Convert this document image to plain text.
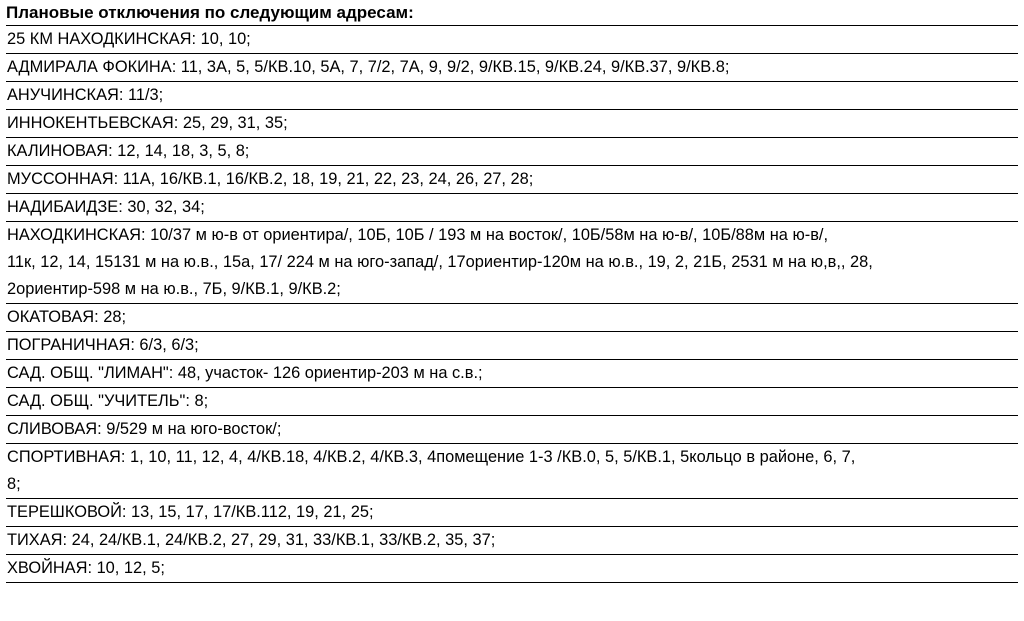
Плановые отключения по следующим адресам:
25 КМ НАХОДКИНСКАЯ: 10, 10;
АДМИРАЛА ФОКИНА: 11, 3А, 5, 5/КВ.10, 5А, 7, 7/2, 7А, 9, 9/2, 9/КВ.15, 9/КВ.24, 9/КВ.37, 9/КВ.8;
АНУЧИНСКАЯ: 11/3;
ИННОКЕНТЬЕВСКАЯ: 25, 29, 31, 35;
КАЛИНОВАЯ: 12, 14, 18, 3, 5, 8;
МУССОННАЯ: 11А, 16/КВ.1, 16/КВ.2, 18, 19, 21, 22, 23, 24, 26, 27, 28;
НАДИБАИДЗЕ: 30, 32, 34;
НАХОДКИНСКАЯ: 10/37 м ю-в от ориентира/, 10Б, 10Б / 193 м на восток/, 10Б/58м на ю-в/, 10Б/88м на ю-в/,
11к, 12, 14, 15131 м на ю.в., 15а, 17/ 224 м на юго-запад/, 17ориентир-120м на ю.в., 19, 2, 21Б, 2531 м на ю,в,, 28,
2ориентир-598 м на ю.в., 7Б, 9/КВ.1, 9/КВ.2;
ОКАТОВАЯ: 28;
ПОГРАНИЧНАЯ: 6/3, 6/3;
САД. ОБЩ. "ЛИМАН": 48, участок- 126 ориентир-203 м на с.в.;
САД. ОБЩ. "УЧИТЕЛЬ": 8;
СЛИВОВАЯ: 9/529 м на юго-восток/;
СПОРТИВНАЯ: 1, 10, 11, 12, 4, 4/КВ.18, 4/КВ.2, 4/КВ.3, 4помещение 1-3 /КВ.0, 5, 5/КВ.1, 5кольцо в районе, 6, 7,
8;
ТЕРЕШКОВОЙ: 13, 15, 17, 17/КВ.112, 19, 21, 25;
ТИХАЯ: 24, 24/КВ.1, 24/КВ.2, 27, 29, 31, 33/КВ.1, 33/КВ.2, 35, 37;
ХВОЙНАЯ: 10, 12, 5;
